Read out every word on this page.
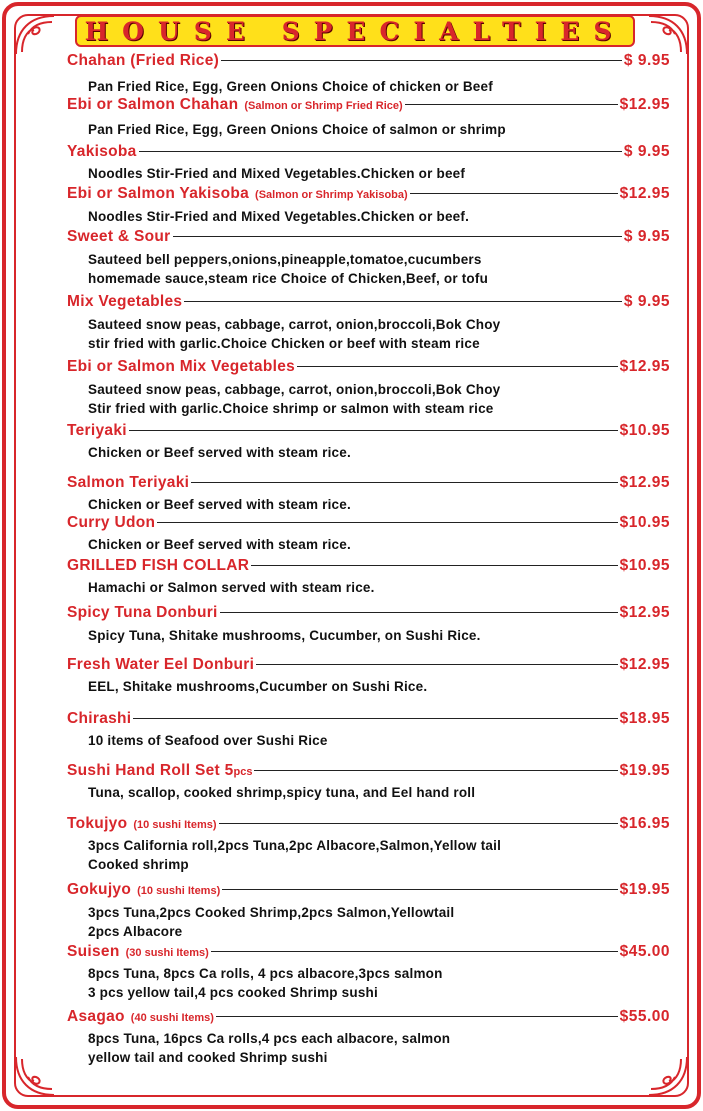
HOUSE SPECIALTIES
Chahan (Fried Rice)	$ 9.95
Pan Fried Rice, Egg, Green Onions Choice of chicken or Beef
Ebi or Salmon Chahan (Salmon or Shrimp Fried Rice)	$12.95
Pan Fried Rice, Egg, Green Onions Choice of salmon or shrimp
Yakisoba	$ 9.95
Noodles Stir-Fried and Mixed Vegetables.Chicken or beef
Ebi or Salmon Yakisoba (Salmon or Shrimp Yakisoba)	$12.95
Noodles Stir-Fried and Mixed Vegetables.Chicken or beef.
Sweet & Sour	$ 9.95
Sauteed bell peppers,onions,pineapple,tomatoe,cucumbers
homemade sauce,steam rice Choice of Chicken,Beef, or tofu
Mix Vegetables	$ 9.95
Sauteed snow peas, cabbage, carrot, onion,broccoli,Bok Choy
stir fried with garlic.Choice Chicken or beef with steam rice
Ebi or Salmon Mix Vegetables	$12.95
Sauteed snow peas, cabbage, carrot, onion,broccoli,Bok Choy
Stir fried with garlic.Choice shrimp or salmon with steam rice
Teriyaki	$10.95
Chicken or Beef served with steam rice.
Salmon Teriyaki	$12.95
Chicken or Beef served with steam rice.
Curry Udon	$10.95
Chicken or Beef served with steam rice.
GRILLED FISH COLLAR	$10.95
Hamachi or Salmon served with steam rice.
Spicy Tuna Donburi	$12.95
Spicy Tuna, Shitake mushrooms, Cucumber, on Sushi Rice.
Fresh Water Eel Donburi	$12.95
EEL, Shitake mushrooms,Cucumber on Sushi Rice.
Chirashi	$18.95
10 items of Seafood over Sushi Rice
Sushi Hand Roll Set 5 pcs	$19.95
Tuna, scallop, cooked shrimp,spicy tuna, and Eel hand roll
Tokujyo (10 sushi Items)	$16.95
3pcs California roll,2pcs Tuna,2pc Albacore,Salmon,Yellow tail
Cooked shrimp
Gokujyo (10 sushi Items)	$19.95
3pcs Tuna,2pcs Cooked Shrimp,2pcs Salmon,Yellowtail
2pcs Albacore
Suisen (30 sushi Items)	$45.00
8pcs Tuna, 8pcs Ca rolls, 4 pcs albacore,3pcs salmon
3 pcs yellow tail,4 pcs cooked Shrimp sushi
Asagao (40 sushi Items)	$55.00
8pcs Tuna, 16pcs Ca rolls,4 pcs each albacore, salmon
yellow tail and cooked Shrimp sushi
